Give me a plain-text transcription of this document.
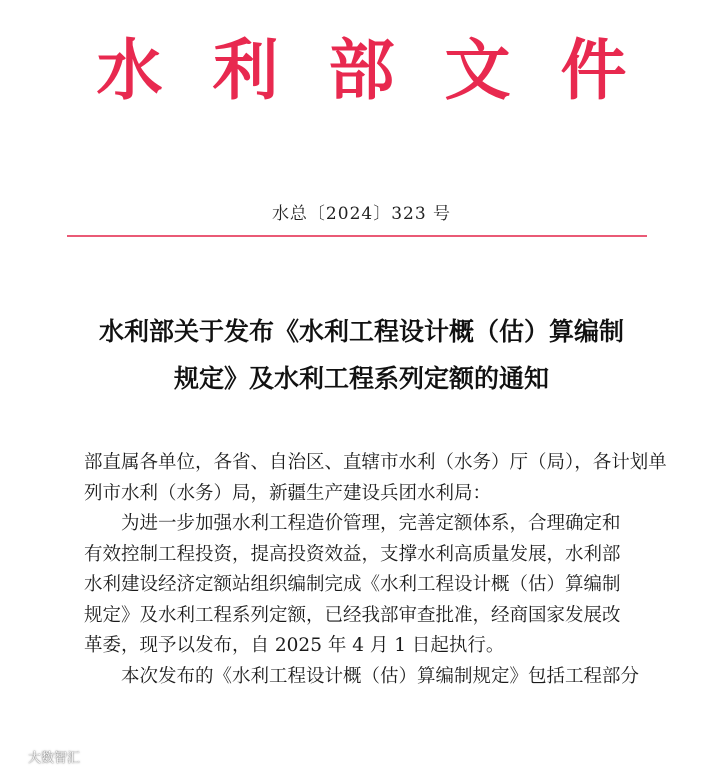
水利部文件
水总〔2024〕323 号
水利部关于发布《水利工程设计概（估）算编制
规定》及水利工程系列定额的通知
部直属各单位，各省、自治区、直辖市水利（水务）厅（局），各计划单
列市水利（水务）局，新疆生产建设兵团水利局：
　　为进一步加强水利工程造价管理，完善定额体系，合理确定和
有效控制工程投资，提高投资效益，支撑水利高质量发展，水利部
水利建设经济定额站组织编制完成《水利工程设计概（估）算编制
规定》及水利工程系列定额，已经我部审查批准，经商国家发展改
革委，现予以发布，自 2025 年 4 月 1 日起执行。
　　本次发布的《水利工程设计概（估）算编制规定》包括工程部分
大数智汇
